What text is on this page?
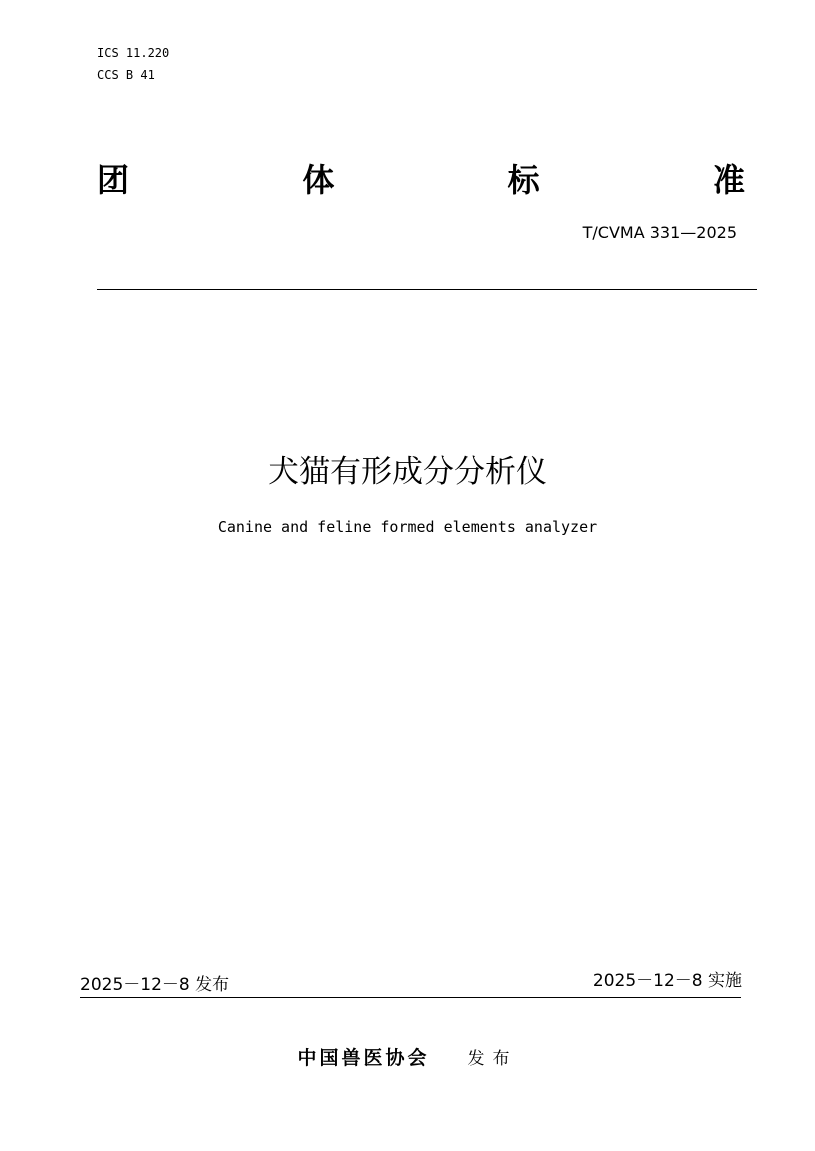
ICS 11.220
CCS B 41
团	体	标	准
T/CVMA 331—2025
犬猫有形成分分析仪
Canine and feline formed elements analyzer
2025－12－8 发布	2025－12－8 实施
中国兽医协会 发布
